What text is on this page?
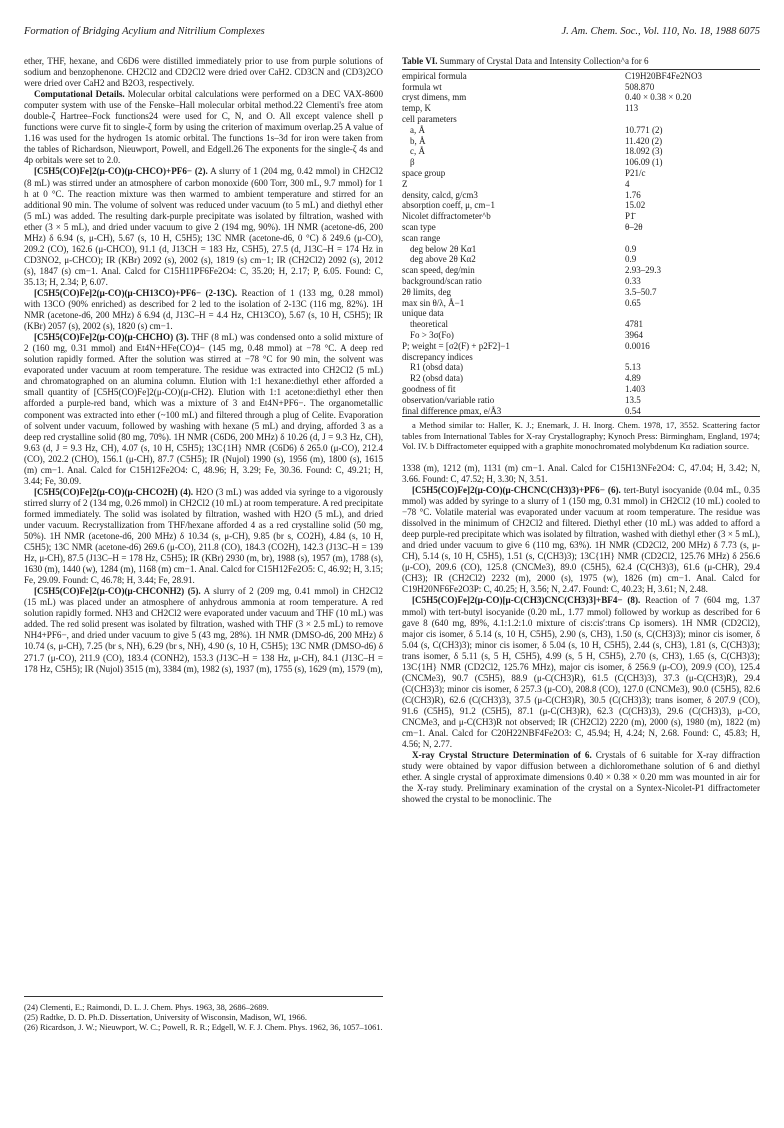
Formation of Bridging Acylium and Nitrilium Complexes	J. Am. Chem. Soc., Vol. 110, No. 18, 1988 6075

ether, THF, hexane, and C6D6 were distilled immediately prior to use from purple solutions of sodium and benzophenone. CH2Cl2 and CD2Cl2 were dried over CaH2. CD3CN and (CD3)2CO were dried over CaH2 and B2O3, respectively.

Computational Details. Molecular orbital calculations were performed on a DEC VAX-8600 computer system with use of the Fenske–Hall molecular orbital method.22 Clementi's free atom double-ζ Hartree–Fock functions24 were used for C, N, and O. All except valence shell p functions were curve fit to single-ζ form by using the criterion of maximum overlap.25 A value of 1.16 was used for the hydrogen 1s atomic orbital. The functions 1s–3d for iron were taken from the tables of Richardson, Nieuwport, Powell, and Edgell.26 The exponents for the single-ζ 4s and 4p orbitals were set to 2.0.

[C5H5(CO)Fe]2(μ-CO)(μ-CHCO)+PF6− (2). A slurry of 1 (204 mg, 0.42 mmol) in CH2Cl2 (8 mL) was stirred under an atmosphere of carbon monoxide (600 Torr, 300 mL, 9.7 mmol) for 1 h at 0 °C. The reaction mixture was then warmed to ambient temperature and stirred for an additional 90 min. The volume of solvent was reduced under vacuum (to 5 mL) and diethyl ether (5 mL) was added. The resulting dark-purple precipitate was isolated by filtration, washed with ether (3 × 5 mL), and dried under vacuum to give 2 (194 mg, 90%). 1H NMR (acetone-d6, 200 MHz) δ 6.94 (s, μ-CH), 5.67 (s, 10 H, C5H5); 13C NMR (acetone-d6, 0 °C) δ 249.6 (μ-CO), 209.2 (CO), 162.6 (μ-CHCO), 91.1 (d, J13CH = 183 Hz, C5H5), 27.5 (d, J13C–H = 174 Hz in CD3NO2, μ-CHCO); IR (KBr) 2092 (s), 2002 (s), 1819 (s) cm−1; IR (CH2Cl2) 2092 (s), 2012 (s), 1847 (s) cm−1. Anal. Calcd for C15H11PF6Fe2O4: C, 35.20; H, 2.17; P, 6.05. Found: C, 35.13; H, 2.34; P, 6.07.

[C5H5(CO)Fe]2(μ-CO)(μ-CH13CO)+PF6− (2-13C). Reaction of 1 (133 mg, 0.28 mmol) with 13CO (90% enriched) as described for 2 led to the isolation of 2-13C (116 mg, 82%). 1H NMR (acetone-d6, 200 MHz) δ 6.94 (d, J13C–H = 4.4 Hz, CH13CO), 5.67 (s, 10 H, C5H5); IR (KBr) 2057 (s), 2002 (s), 1820 (s) cm−1.

[C5H5(CO)Fe]2(μ-CO)(μ-CHCHO) (3). THF (8 mL) was condensed onto a solid mixture of 2 (160 mg, 0.31 mmol) and Et4N+HFe(CO)4− (145 mg, 0.48 mmol) at −78 °C. A deep red solution rapidly formed. After the solution was stirred at −78 °C for 90 min, the solvent was evaporated under vacuum at room temperature. The residue was extracted into CH2Cl2 (5 mL) and chromatographed on an alumina column. Elution with 1:1 hexane:diethyl ether afforded a small quantity of [C5H5(CO)Fe]2(μ-CO)(μ-CH2). Elution with 1:1 acetone:diethyl ether then afforded a purple-red band, which was a mixture of 3 and Et4N+PF6−. The organometallic component was extracted into ether (~100 mL) and filtered through a plug of Celite. Evaporation of solvent under vacuum, followed by washing with hexane (5 mL) and drying, afforded 3 as a deep red crystalline solid (80 mg, 70%). 1H NMR (C6D6, 200 MHz) δ 10.26 (d, J = 9.3 Hz, CH), 9.63 (d, J = 9.3 Hz, CH), 4.07 (s, 10 H, C5H5); 13C{1H} NMR (C6D6) δ 265.0 (μ-CO), 212.4 (CO), 202.2 (CHO), 156.1 (μ-CH), 87.7 (C5H5); IR (Nujol) 1990 (s), 1956 (m), 1800 (s), 1615 (m) cm−1. Anal. Calcd for C15H12Fe2O4: C, 48.96; H, 3.29; Fe, 30.36. Found: C, 49.21; H, 3.44; Fe, 30.09.

[C5H5(CO)Fe]2(μ-CO)(μ-CHCO2H) (4). H2O (3 mL) was added via syringe to a vigorously stirred slurry of 2 (134 mg, 0.26 mmol) in CH2Cl2 (10 mL) at room temperature. A red precipitate formed immediately. The solid was isolated by filtration, washed with H2O (5 mL), and dried under vacuum. Recrystallization from THF/hexane afforded 4 as a red crystalline solid (50 mg, 50%). 1H NMR (acetone-d6, 200 MHz) δ 10.34 (s, μ-CH), 9.85 (br s, CO2H), 4.84 (s, 10 H, C5H5); 13C NMR (acetone-d6) 269.6 (μ-CO), 211.8 (CO), 184.3 (CO2H), 142.3 (J13C–H = 139 Hz, μ-CH), 87.5 (J13C–H = 178 Hz, C5H5); IR (KBr) 2930 (m, br), 1988 (s), 1957 (m), 1788 (s), 1630 (m), 1440 (w), 1284 (m), 1168 (m) cm−1. Anal. Calcd for C15H12Fe2O5: C, 46.92; H, 3.15; Fe, 29.09. Found: C, 46.78; H, 3.44; Fe, 28.91.

[C5H5(CO)Fe]2(μ-CO)(μ-CHCONH2) (5). A slurry of 2 (209 mg, 0.41 mmol) in CH2Cl2 (15 mL) was placed under an atmosphere of anhydrous ammonia at room temperature. A red solution rapidly formed. NH3 and CH2Cl2 were evaporated under vacuum and THF (10 mL) was added. The red solid present was isolated by filtration, washed with THF (3 × 2.5 mL) to remove NH4+PF6−, and dried under vacuum to give 5 (43 mg, 28%). 1H NMR (DMSO-d6, 200 MHz) δ 10.74 (s, μ-CH), 7.25 (br s, NH), 6.29 (br s, NH), 4.90 (s, 10 H, C5H5); 13C NMR (DMSO-d6) δ 271.7 (μ-CO), 211.9 (CO), 183.4 (CONH2), 153.3 (J13C–H = 138 Hz, μ-CH), 84.1 (J13C–H = 178 Hz, C5H5); IR (Nujol) 3515 (m), 3384 (m), 1982 (s), 1937 (m), 1755 (s), 1629 (m), 1579 (m),

(24) Clementi, E.; Raimondi, D. L. J. Chem. Phys. 1963, 38, 2686–2689.

(25) Radtke, D. D. Ph.D. Dissertation, University of Wisconsin, Madison, WI, 1966.

(26) Ricardson, J. W.; Nieuwport, W. C.; Powell, R. R.; Edgell, W. F. J. Chem. Phys. 1962, 36, 1057–1061.

Table VI. Summary of Crystal Data and Intensity Collection^a for 6
empirical formula	C19H20BF4Fe2NO3
formula wt	508.870
cryst dimens, mm	0.40 × 0.38 × 0.20
temp, K	113
cell parameters	
a, Å	10.771 (2)
b, Å	11.420 (2)
c, Å	18.092 (3)
β	106.09 (1)
space group	P21/c
Z	4
density, calcd, g/cm3	1.76
absorption coeff, μ, cm−1	15.02
Nicolet diffractometer^b	P1̄
scan type	θ–2θ
scan range	
deg below 2θ Kα1	0.9
deg above 2θ Kα2	0.9
scan speed, deg/min	2.93–29.3
background/scan ratio	0.33
2θ limits, deg	3.5–50.7
max sin θ/λ, Å−1	0.65
unique data	
theoretical	4781
Fo > 3σ(Fo)	3964
P; weight = [σ2(F) + p2F2]−1	0.0016
discrepancy indices	
R1 (obsd data)	5.13
R2 (obsd data)	4.89
goodness of fit	1.403
observation/variable ratio	13.5
final difference ρmax, e/Å3	0.54

a Method similar to: Haller, K. J.; Enemark, J. H. Inorg. Chem. 1978, 17, 3552. Scattering factor tables from International Tables for X-ray Crystallography; Kynoch Press: Birmingham, England, 1974; Vol. IV. b Diffractometer equipped with a graphite monochromated molybdenum Kα radiation source.

1338 (m), 1212 (m), 1131 (m) cm−1. Anal. Calcd for C15H13NFe2O4: C, 47.04; H, 3.42; N, 3.66. Found: C, 47.52; H, 3.30; N, 3.51.

[C5H5(CO)Fe]2(μ-CO)(μ-CHCNC(CH3)3)+PF6− (6). tert-Butyl isocyanide (0.04 mL, 0.35 mmol) was added by syringe to a slurry of 1 (150 mg, 0.31 mmol) in CH2Cl2 (10 mL) cooled to −78 °C. Volatile material was evaporated under vacuum at room temperature. The residue was dissolved in the minimum of CH2Cl2 and filtered. Diethyl ether (10 mL) was added to afford a deep purple-red precipitate which was isolated by filtration, washed with diethyl ether (3 × 5 mL), and dried under vacuum to give 6 (110 mg, 63%). 1H NMR (CD2Cl2, 200 MHz) δ 7.73 (s, μ-CH), 5.14 (s, 10 H, C5H5), 1.51 (s, C(CH3)3); 13C{1H} NMR (CD2Cl2, 125.76 MHz) δ 256.6 (μ-CO), 209.6 (CO), 125.8 (CNCMe3), 89.0 (C5H5), 62.4 (C(CH3)3), 61.6 (μ-CHR), 29.4 (CH3); IR (CH2Cl2) 2232 (m), 2000 (s), 1975 (w), 1826 (m) cm−1. Anal. Calcd for C19H20NF6Fe2O3P: C, 40.25; H, 3.56; N, 2.47. Found: C, 40.23; H, 3.61; N, 2.48.

[C5H5(CO)Fe]2(μ-CO)[μ-C(CH3)CNC(CH3)3]+BF4− (8). Reaction of 7 (604 mg, 1.37 mmol) with tert-butyl isocyanide (0.20 mL, 1.77 mmol) followed by workup as described for 6 gave 8 (640 mg, 89%, 4.1:1.2:1.0 mixture of cis:cis′:trans Cp isomers). 1H NMR (CD2Cl2), major cis isomer, δ 5.14 (s, 10 H, C5H5), 2.90 (s, CH3), 1.50 (s, C(CH3)3); minor cis isomer, δ 5.04 (s, C(CH3)3); minor cis isomer, δ 5.04 (s, 10 H, C5H5), 2.44 (s, CH3), 1.81 (s, C(CH3)3); trans isomer, δ 5.11 (s, 5 H, C5H5), 4.99 (s, 5 H, C5H5), 2.70 (s, CH3), 1.65 (s, C(CH3)3); 13C{1H} NMR (CD2Cl2, 125.76 MHz), major cis isomer, δ 256.9 (μ-CO), 209.9 (CO), 125.4 (CNCMe3), 90.7 (C5H5), 88.9 (μ-C(CH3)R), 61.5 (C(CH3)3), 37.3 (μ-C(CH3)R), 29.4 (C(CH3)3); minor cis isomer, δ 257.3 (μ-CO), 208.8 (CO), 127.0 (CNCMe3), 90.0 (C5H5), 82.6 (C(CH3)R), 62.6 (C(CH3)3), 37.5 (μ-C(CH3)R), 30.5 (C(CH3)3); trans isomer, δ 207.9 (CO), 91.6 (C5H5), 91.2 (C5H5), 87.1 (μ-C(CH3)R), 62.3 (C(CH3)3), 29.6 (C(CH3)3), μ-CO, CNCMe3, and μ-C(CH3)R not observed; IR (CH2Cl2) 2220 (m), 2000 (s), 1980 (m), 1822 (m) cm−1. Anal. Calcd for C20H22NBF4Fe2O3: C, 45.94; H, 4.24; N, 2.68. Found: C, 45.83; H, 4.56; N, 2.77.

X-ray Crystal Structure Determination of 6. Crystals of 6 suitable for X-ray diffraction study were obtained by vapor diffusion between a dichloromethane solution of 6 and diethyl ether. A single crystal of approximate dimensions 0.40 × 0.38 × 0.20 mm was mounted in air for the X-ray study. Preliminary examination of the crystal on a Syntex-Nicolet-P1 diffractometer showed the crystal to be monoclinic. The
